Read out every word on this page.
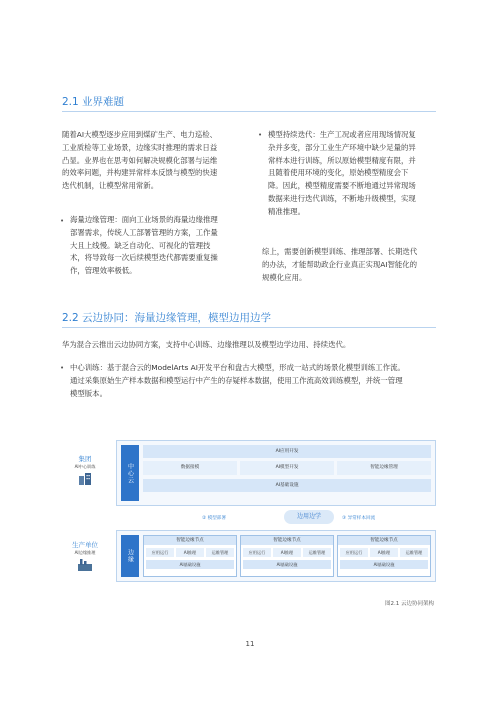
2.1 业界难题

随着AI大模型逐步应用到煤矿生产、电力巡检、
工业质检等工业场景，边缘实时推理的需求日益
凸显。业界也在思考如何解决规模化部署与运维
的效率问题，并构建异常样本反馈与模型的快速
迭代机制，让模型常用常新。

• 海量边缘管理：面向工业场景的海量边缘推理
部署需求，传统人工部署管理的方案，工作量
大且上线慢。缺乏自动化、可视化的管理技
术，将导致每一次后续模型迭代都需要重复操
作，管理效率极低。

• 模型持续迭代：生产工况或者应用现场情况复
杂并多变，部分工业生产环境中缺少足量的异
常样本进行训练，所以原始模型精度有限，并
且随着使用环境的变化，原始模型精度会下
降。因此，模型精度需要不断地通过异常现场
数据来进行迭代训练，不断地升级模型，实现
精准推理。

综上，需要创新模型训练、推理部署、长期迭代
的办法，才能帮助政企行业真正实现AI智能化的
规模化应用。

2.2 云边协同：海量边缘管理，模型边用边学

华为混合云推出云边协同方案，支持中心训练、边缘推理以及模型边学边用、持续迭代。

• 中心训练：基于混合云的ModelArts AI开发平台和盘古大模型，形成一站式的场景化模型训练工作流。
通过采集原始生产样本数据和模型运行中产生的存疑样本数据，使用工作流高效训练模型，并统一管理
模型版本。

集团
AI中心训练
生产单位
AI边缘推理
中心云
AI应用开发
数据接模	AI模型开发	智能边缘管理
AI基础设施
② 模型部署	边用边学	③ 异常样本回流
边缘
智能边缘节点
应用运行	AI推理	运维管理
AI基础设施
智能边缘节点
应用运行	AI推理	运维管理
AI基础设施
智能边缘节点
应用运行	AI推理	运维管理
AI基础设施
图2.1 云边协同架构
11
